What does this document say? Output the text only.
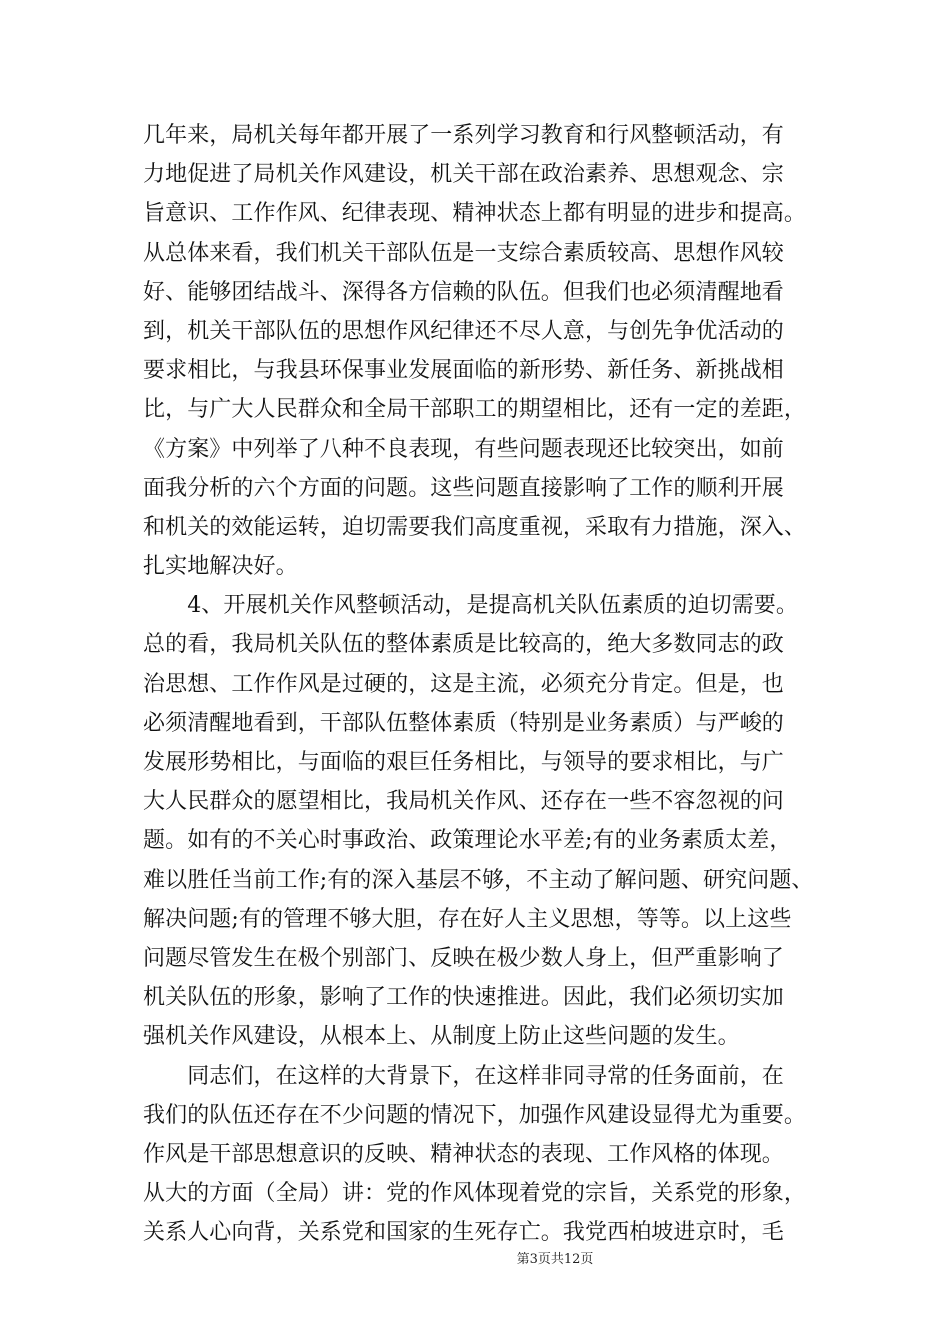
几年来，局机关每年都开展了一系列学习教育和行风整顿活动，有
力地促进了局机关作风建设，机关干部在政治素养、思想观念、宗
旨意识、工作作风、纪律表现、精神状态上都有明显的进步和提高。
从总体来看，我们机关干部队伍是一支综合素质较高、思想作风较
好、能够团结战斗、深得各方信赖的队伍。但我们也必须清醒地看
到，机关干部队伍的思想作风纪律还不尽人意，与创先争优活动的
要求相比，与我县环保事业发展面临的新形势、新任务、新挑战相
比，与广大人民群众和全局干部职工的期望相比，还有一定的差距，
《方案》中列举了八种不良表现，有些问题表现还比较突出，如前
面我分析的六个方面的问题。这些问题直接影响了工作的顺利开展
和机关的效能运转，迫切需要我们高度重视，采取有力措施，深入、
扎实地解决好。
　　4、开展机关作风整顿活动，是提高机关队伍素质的迫切需要。
总的看，我局机关队伍的整体素质是比较高的，绝大多数同志的政
治思想、工作作风是过硬的，这是主流，必须充分肯定。但是，也
必须清醒地看到，干部队伍整体素质（特别是业务素质）与严峻的
发展形势相比，与面临的艰巨任务相比，与领导的要求相比，与广
大人民群众的愿望相比，我局机关作风、还存在一些不容忽视的问
题。如有的不关心时事政治、政策理论水平差;有的业务素质太差，
难以胜任当前工作;有的深入基层不够，不主动了解问题、研究问题、
解决问题;有的管理不够大胆，存在好人主义思想，等等。以上这些
问题尽管发生在极个别部门、反映在极少数人身上，但严重影响了
机关队伍的形象，影响了工作的快速推进。因此，我们必须切实加
强机关作风建设，从根本上、从制度上防止这些问题的发生。
　　同志们，在这样的大背景下，在这样非同寻常的任务面前，在
我们的队伍还存在不少问题的情况下，加强作风建设显得尤为重要。
作风是干部思想意识的反映、精神状态的表现、工作风格的体现。
从大的方面（全局）讲：党的作风体现着党的宗旨，关系党的形象，
关系人心向背，关系党和国家的生死存亡。我党西柏坡进京时，毛
第3页共12页
